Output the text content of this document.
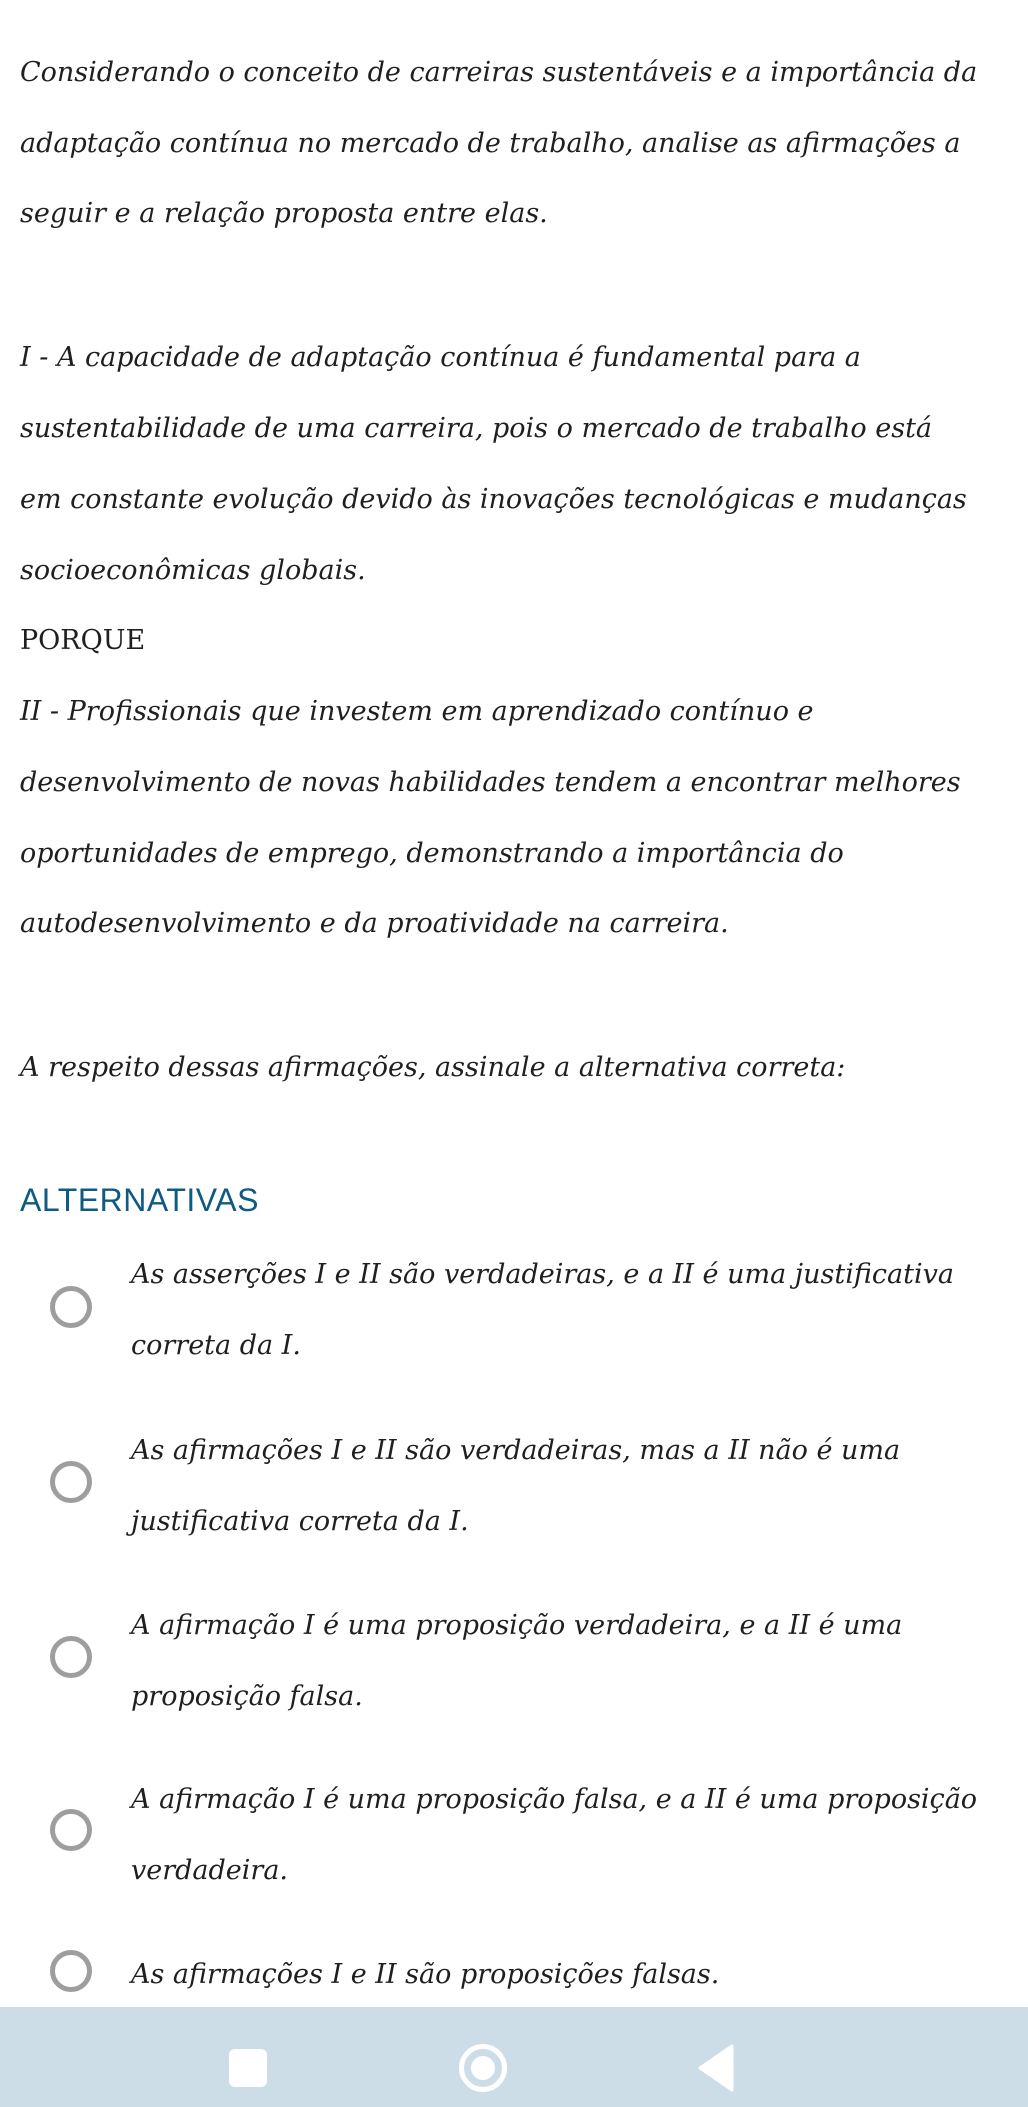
Considerando o conceito de carreiras sustentáveis e a importância da
adaptação contínua no mercado de trabalho, analise as afirmações a
seguir e a relação proposta entre elas.
I - A capacidade de adaptação contínua é fundamental para a
sustentabilidade de uma carreira, pois o mercado de trabalho está
em constante evolução devido às inovações tecnológicas e mudanças
socioeconômicas globais.
PORQUE
II - Profissionais que investem em aprendizado contínuo e
desenvolvimento de novas habilidades tendem a encontrar melhores
oportunidades de emprego, demonstrando a importância do
autodesenvolvimento e da proatividade na carreira.
A respeito dessas afirmações, assinale a alternativa correta:
ALTERNATIVAS
As asserções I e II são verdadeiras, e a II é uma justificativa
correta da I.
As afirmações I e II são verdadeiras, mas a II não é uma
justificativa correta da I.
A afirmação I é uma proposição verdadeira, e a II é uma
proposição falsa.
A afirmação I é uma proposição falsa, e a II é uma proposição
verdadeira.
As afirmações I e II são proposições falsas.
